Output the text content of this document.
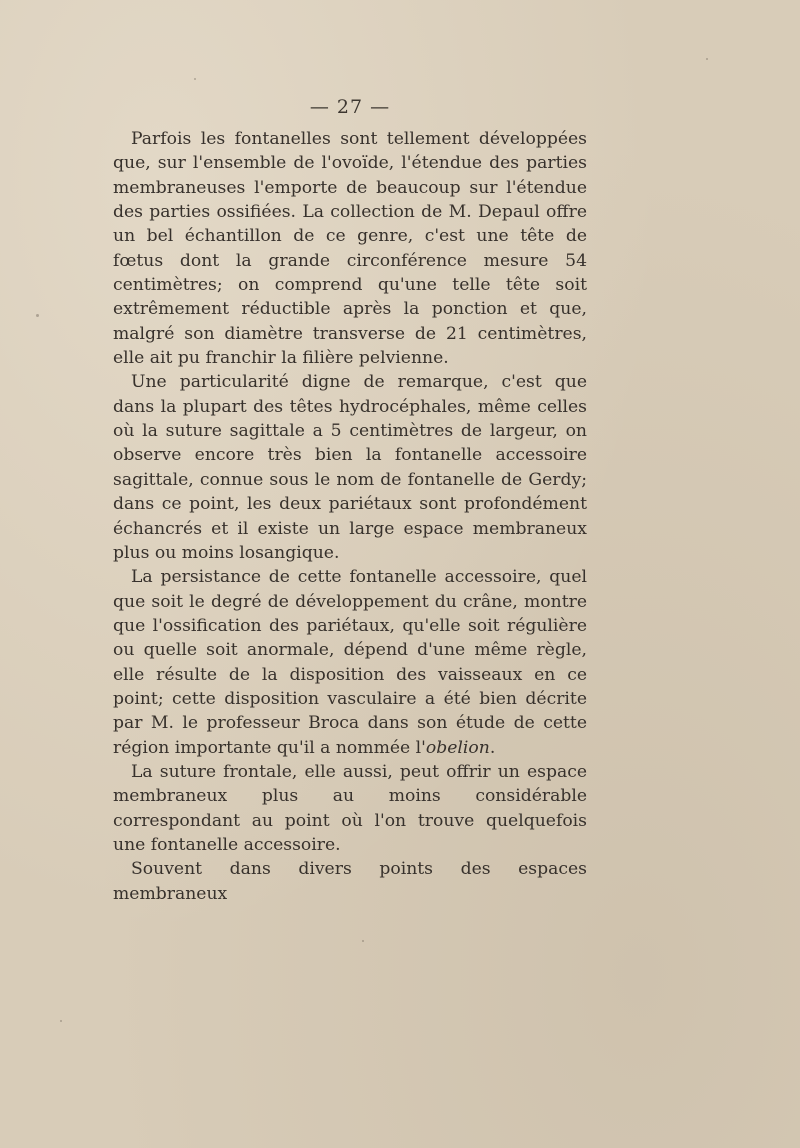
— 27 —

Parfois les fontanelles sont tellement développées que, sur l'ensemble de l'ovoïde, l'étendue des parties membraneuses l'emporte de beaucoup sur l'étendue des parties ossifiées. La collection de M. Depaul offre un bel échantillon de ce genre, c'est une tête de fœtus dont la grande circonférence mesure 54 centimètres; on comprend qu'une telle tête soit extrêmement réductible après la ponction et que, malgré son diamètre transverse de 21 centimètres, elle ait pu franchir la filière pelvienne.

Une particularité digne de remarque, c'est que dans la plupart des têtes hydrocéphales, même celles où la suture sagittale a 5 centimètres de largeur, on observe encore très bien la fontanelle accessoire sagittale, connue sous le nom de fontanelle de Gerdy; dans ce point, les deux pariétaux sont profondément échancrés et il existe un large espace membraneux plus ou moins losangique.

La persistance de cette fontanelle accessoire, quel que soit le degré de développement du crâne, montre que l'ossification des pariétaux, qu'elle soit régulière ou quelle soit anormale, dépend d'une même règle, elle résulte de la disposition des vaisseaux en ce point; cette disposition vasculaire a été bien décrite par M. le professeur Broca dans son étude de cette région importante qu'il a nommée l'obelion.

La suture frontale, elle aussi, peut offrir un espace membraneux plus au moins considérable correspondant au point où l'on trouve quelquefois une fontanelle accessoire.

Souvent dans divers points des espaces membraneux
